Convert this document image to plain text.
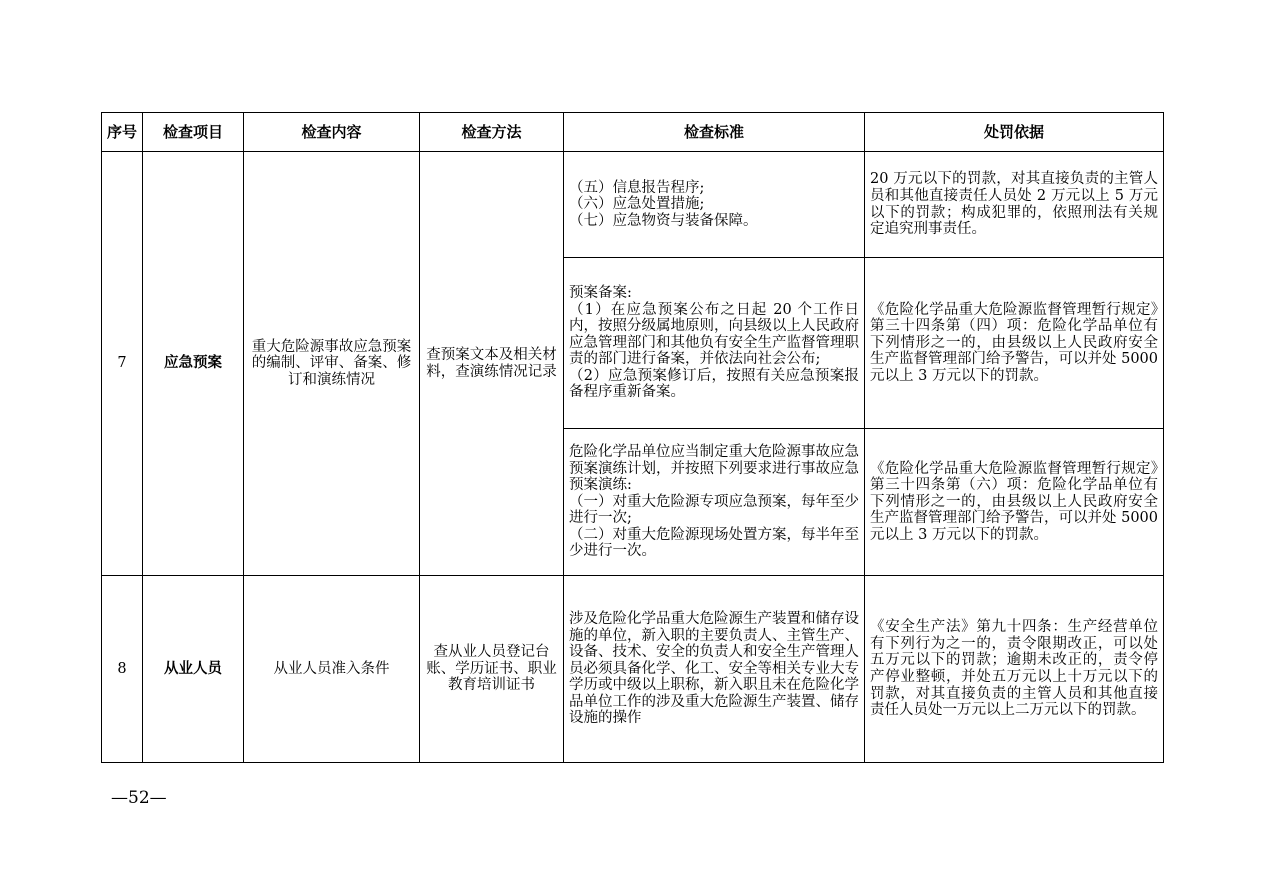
序号	检查项目	检查内容	检查方法	检查标准	处罚依据
7	应急预案	重大危险源事故应急预案的编制、评审、备案、修订和演练情况	查预案文本及相关材料，查演练情况记录	（五）信息报告程序;
（六）应急处置措施;
（七）应急物资与装备保障。	20 万元以下的罚款，对其直接负责的主管人员和其他直接责任人员处 2 万元以上 5 万元以下的罚款；构成犯罪的，依照刑法有关规定追究刑事责任。

				预案备案:
（1）在应急预案公布之日起 20 个工作日内，按照分级属地原则，向县级以上人民政府应急管理部门和其他负有安全生产监督管理职责的部门进行备案，并依法向社会公布;
（2）应急预案修订后，按照有关应急预案报备程序重新备案。	《危险化学品重大危险源监督管理暂行规定》第三十四条第（四）项：危险化学品单位有下列情形之一的，由县级以上人民政府安全生产监督管理部门给予警告，可以并处 5000 元以上 3 万元以下的罚款。

				危险化学品单位应当制定重大危险源事故应急预案演练计划，并按照下列要求进行事故应急预案演练:
（一）对重大危险源专项应急预案，每年至少进行一次;
（二）对重大危险源现场处置方案，每半年至少进行一次。	《危险化学品重大危险源监督管理暂行规定》第三十四条第（六）项：危险化学品单位有下列情形之一的，由县级以上人民政府安全生产监督管理部门给予警告，可以并处 5000 元以上 3 万元以下的罚款。
8	从业人员	从业人员准入条件	查从业人员登记台账、学历证书、职业教育培训证书	涉及危险化学品重大危险源生产装置和储存设施的单位，新入职的主要负责人、主管生产、设备、技术、安全的负责人和安全生产管理人员必须具备化学、化工、安全等相关专业大专学历或中级以上职称，新入职且未在危险化学品单位工作的涉及重大危险源生产装置、储存设施的操作	《安全生产法》第九十四条：生产经营单位有下列行为之一的，责令限期改正，可以处五万元以下的罚款；逾期未改正的，责令停产停业整顿，并处五万元以上十万元以下的罚款，对其直接负责的主管人员和其他直接责任人员处一万元以上二万元以下的罚款。
—52—
